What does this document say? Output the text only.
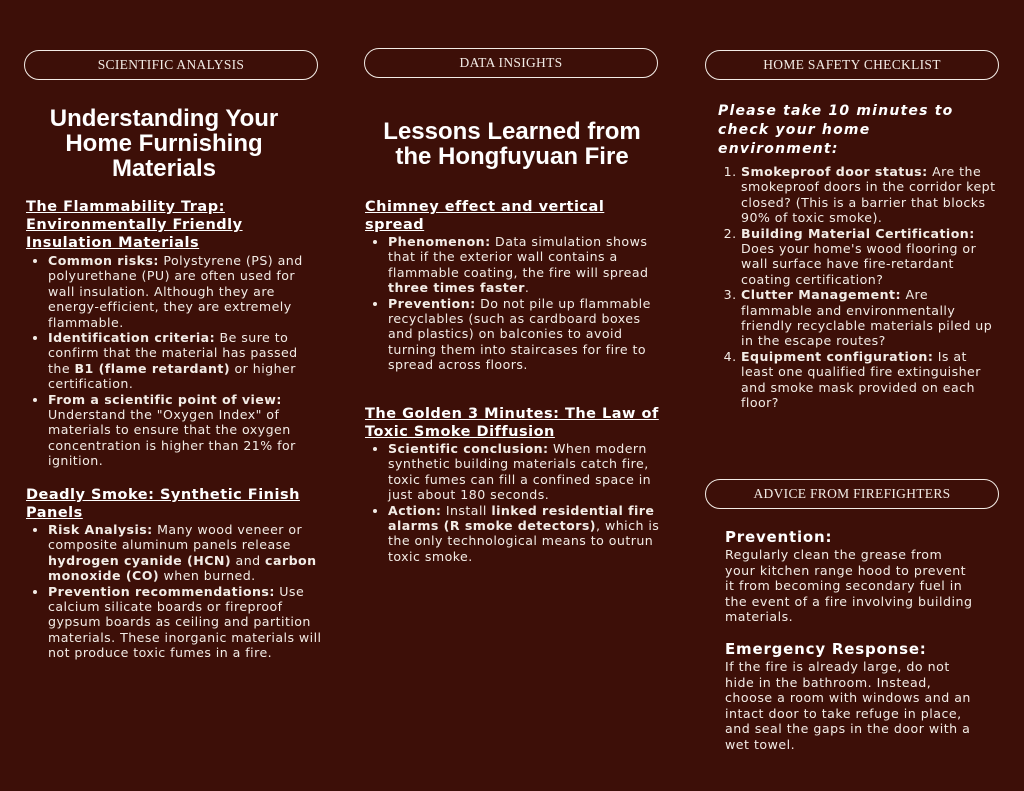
SCIENTIFIC ANALYSIS
Understanding Your Home Furnishing Materials
The Flammability Trap: Environmentally Friendly Insulation Materials
• Common risks: Polystyrene (PS) and polyurethane (PU) are often used for wall insulation. Although they are energy-efficient, they are extremely flammable.
• Identification criteria: Be sure to confirm that the material has passed the B1 (flame retardant) or higher certification.
• From a scientific point of view: Understand the "Oxygen Index" of materials to ensure that the oxygen concentration is higher than 21% for ignition.
Deadly Smoke: Synthetic Finish Panels
• Risk Analysis: Many wood veneer or composite aluminum panels release hydrogen cyanide (HCN) and carbon monoxide (CO) when burned.
• Prevention recommendations: Use calcium silicate boards or fireproof gypsum boards as ceiling and partition materials. These inorganic materials will not produce toxic fumes in a fire.
DATA INSIGHTS
Lessons Learned from the Hongfuyuan Fire
Chimney effect and vertical spread
• Phenomenon: Data simulation shows that if the exterior wall contains a flammable coating, the fire will spread three times faster.
• Prevention: Do not pile up flammable recyclables (such as cardboard boxes and plastics) on balconies to avoid turning them into staircases for fire to spread across floors.
The Golden 3 Minutes: The Law of Toxic Smoke Diffusion
• Scientific conclusion: When modern synthetic building materials catch fire, toxic fumes can fill a confined space in just about 180 seconds.
• Action: Install linked residential fire alarms (R smoke detectors), which is the only technological means to outrun toxic smoke.
HOME SAFETY CHECKLIST
Please take 10 minutes to check your home environment:
1. Smokeproof door status: Are the smokeproof doors in the corridor kept closed? (This is a barrier that blocks 90% of toxic smoke).
2. Building Material Certification: Does your home's wood flooring or wall surface have fire-retardant coating certification?
3. Clutter Management: Are flammable and environmentally friendly recyclable materials piled up in the escape routes?
4. Equipment configuration: Is at least one qualified fire extinguisher and smoke mask provided on each floor?
ADVICE FROM FIREFIGHTERS
Prevention:
Regularly clean the grease from your kitchen range hood to prevent it from becoming secondary fuel in the event of a fire involving building materials.
Emergency Response:
If the fire is already large, do not hide in the bathroom. Instead, choose a room with windows and an intact door to take refuge in place, and seal the gaps in the door with a wet towel.
